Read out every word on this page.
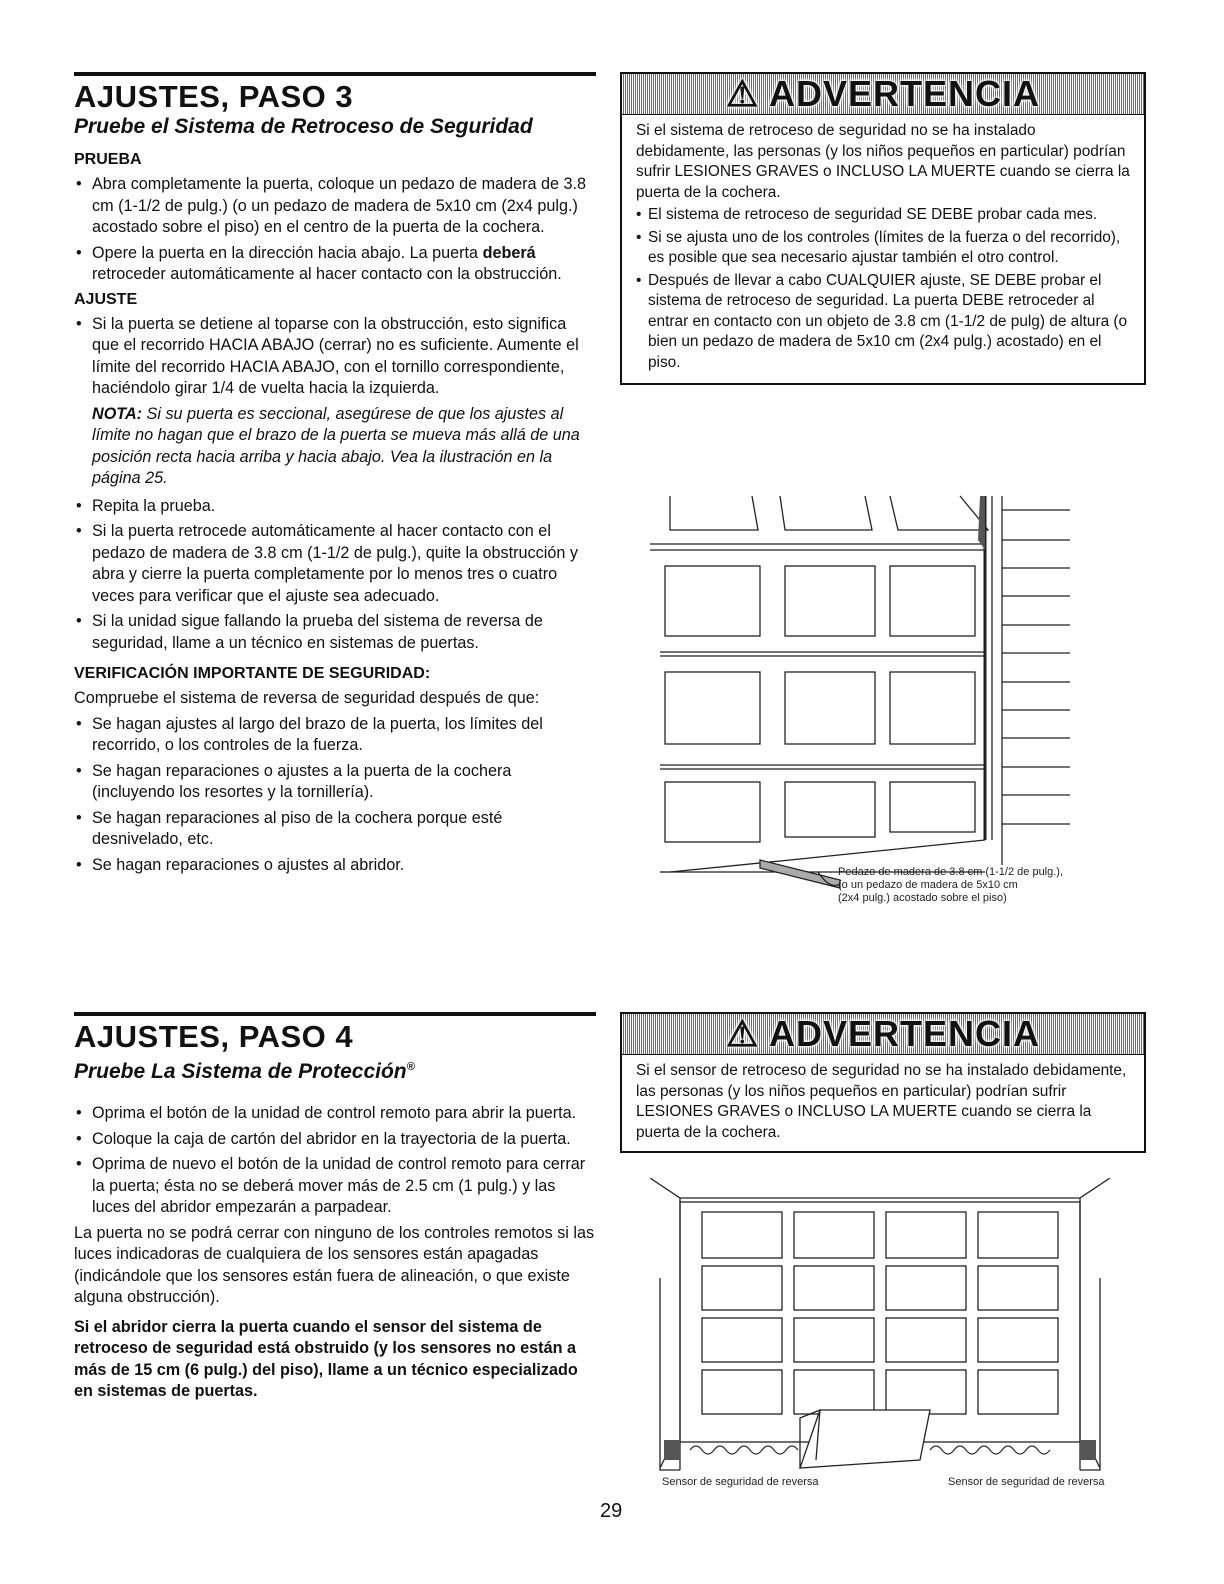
AJUSTES, PASO 3
Pruebe el Sistema de Retroceso de Seguridad

PRUEBA

• Abra completamente la puerta, coloque un pedazo de madera de 3.8 cm (1-1/2 de pulg.) (o un pedazo de madera de 5x10 cm (2x4 pulg.) acostado sobre el piso) en el centro de la puerta de la cochera.
• Opere la puerta en la dirección hacia abajo. La puerta deberá retroceder automáticamente al hacer contacto con la obstrucción.

AJUSTE

• Si la puerta se detiene al toparse con la obstrucción, esto significa que el recorrido HACIA ABAJO (cerrar) no es suficiente. Aumente el límite del recorrido HACIA ABAJO, con el tornillo correspondiente, haciéndolo girar 1/4 de vuelta hacia la izquierda.

NOTA: Si su puerta es seccional, asegúrese de que los ajustes al límite no hagan que el brazo de la puerta se mueva más allá de una posición recta hacia arriba y hacia abajo. Vea la ilustración en la página 25.

• Repita la prueba.
• Si la puerta retrocede automáticamente al hacer contacto con el pedazo de madera de 3.8 cm (1-1/2 de pulg.), quite la obstrucción y abra y cierre la puerta completamente por lo menos tres o cuatro veces para verificar que el ajuste sea adecuado.
• Si la unidad sigue fallando la prueba del sistema de reversa de seguridad, llame a un técnico en sistemas de puertas.

VERIFICACIÓN IMPORTANTE DE SEGURIDAD:

Compruebe el sistema de reversa de seguridad después de que:

• Se hagan ajustes al largo del brazo de la puerta, los límites del recorrido, o los controles de la fuerza.
• Se hagan reparaciones o ajustes a la puerta de la cochera (incluyendo los resortes y la tornillería).
• Se hagan reparaciones al piso de la cochera porque esté desnivelado, etc.
• Se hagan reparaciones o ajustes al abridor.
⚠ ADVERTENCIA

Si el sistema de retroceso de seguridad no se ha instalado debidamente, las personas (y los niños pequeños en particular) podrían sufrir LESIONES GRAVES o INCLUSO LA MUERTE cuando se cierra la puerta de la cochera.

• El sistema de retroceso de seguridad SE DEBE probar cada mes.
• Si se ajusta uno de los controles (límites de la fuerza o del recorrido), es posible que sea necesario ajustar también el otro control.
• Después de llevar a cabo CUALQUIER ajuste, SE DEBE probar el sistema de retroceso de seguridad. La puerta DEBE retroceder al entrar en contacto con un objeto de 3.8 cm (1-1/2 de pulg) de altura (o bien un pedazo de madera de 5x10 cm (2x4 pulg.) acostado) en el piso.
Pedazo de madera de 3.8 cm (1-1/2 de pulg.),
(o un pedazo de madera de 5x10 cm
(2x4 pulg.) acostado sobre el piso)
AJUSTES, PASO 4
Pruebe La Sistema de Protección®
• Oprima el botón de la unidad de control remoto para abrir la puerta.
• Coloque la caja de cartón del abridor en la trayectoria de la puerta.
• Oprima de nuevo el botón de la unidad de control remoto para cerrar la puerta; ésta no se deberá mover más de 2.5 cm (1 pulg.) y las luces del abridor empezarán a parpadear.

La puerta no se podrá cerrar con ninguno de los controles remotos si las luces indicadoras de cualquiera de los sensores están apagadas (indicándole que los sensores están fuera de alineación, o que existe alguna obstrucción).

Si el abridor cierra la puerta cuando el sensor del sistema de retroceso de seguridad está obstruido (y los sensores no están a más de 15 cm (6 pulg.) del piso), llame a un técnico especializado en sistemas de puertas.

⚠ ADVERTENCIA

Si el sensor de retroceso de seguridad no se ha instalado debidamente, las personas (y los niños pequeños en particular) podrían sufrir LESIONES GRAVES o INCLUSO LA MUERTE cuando se cierra la puerta de la cochera.

Sensor de seguridad de reversa	Sensor de seguridad de reversa
29
